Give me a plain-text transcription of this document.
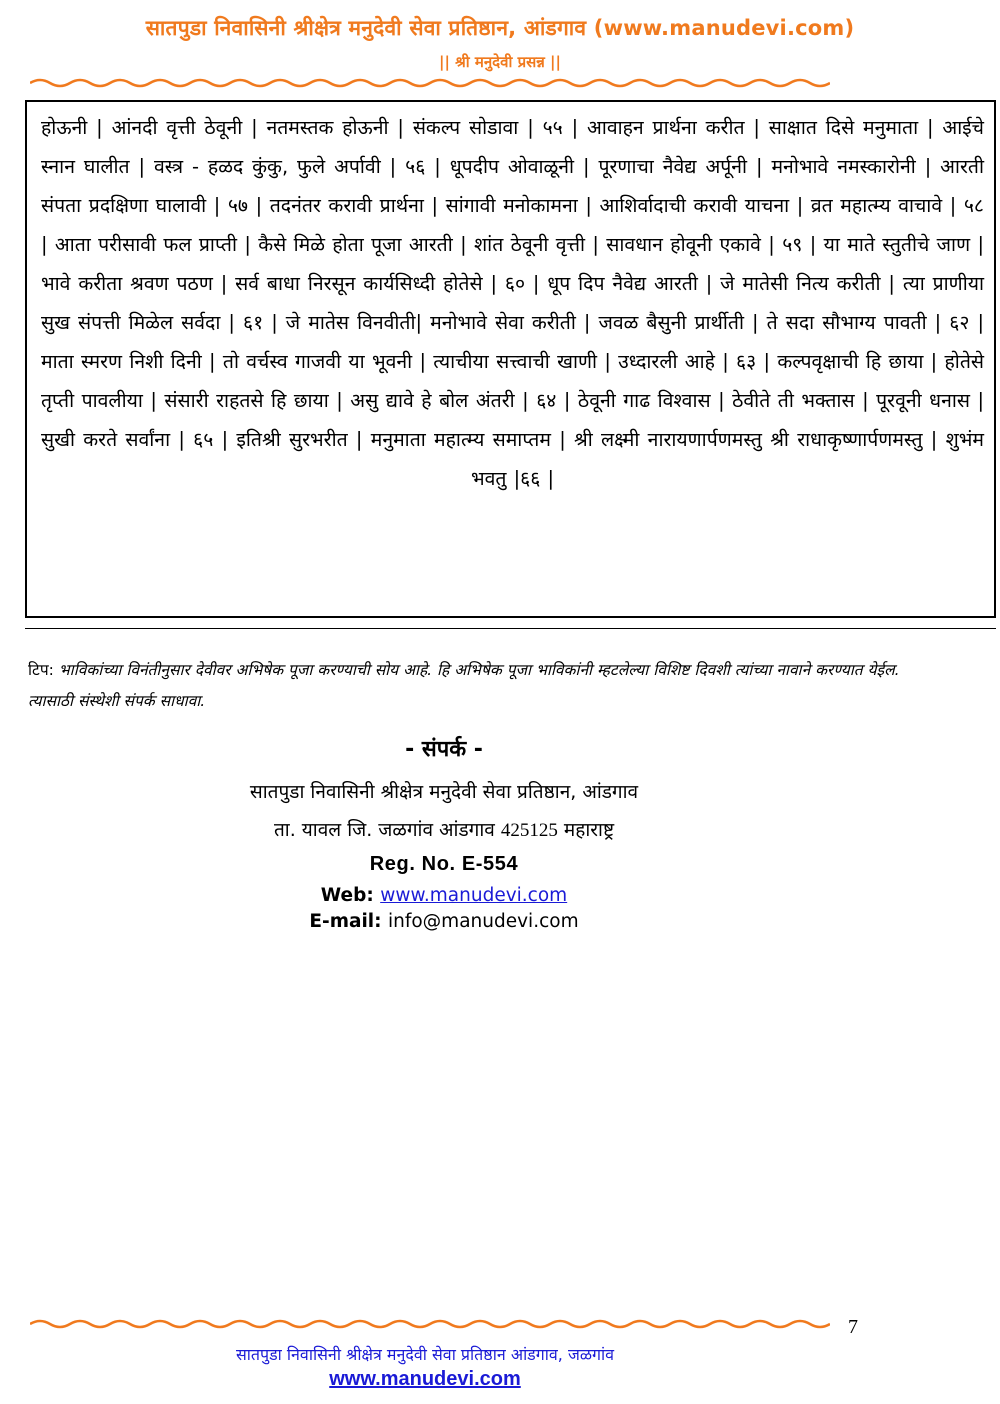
सातपुडा निवासिनी श्रीक्षेत्र मनुदेवी सेवा प्रतिष्ठान, आंडगाव (www.manudevi.com)
|| श्री मनुदेवी प्रसन्न ||

होऊनी | आंनदी वृत्ती ठेवूनी | नतमस्तक होऊनी | संकल्प सोडावा | ५५ | आवाहन प्रार्थना करीत | साक्षात दिसे मनुमाता | आईचे स्नान घालीत | वस्त्र - हळद कुंकु, फुले अर्पावी | ५६ | धूपदीप ओवाळूनी | पूरणाचा नैवेद्य अर्पूनी | मनोभावे नमस्कारोनी | आरती संपता प्रदक्षिणा घालावी | ५७ | तदनंतर करावी प्रार्थना | सांगावी मनोकामना | आशिर्वादाची करावी याचना | व्रत महात्म्य वाचावे | ५८ | आता परीसावी फल प्राप्ती | कैसे मिळे होता पूजा आरती | शांत ठेवूनी वृत्ती | सावधान होवूनी एकावे | ५९ | या माते स्तुतीचे जाण | भावे करीता श्रवण पठण | सर्व बाधा निरसून कार्यसिध्दी होतेसे | ६० | धूप दिप नैवेद्य आरती | जे मातेसी नित्य करीती | त्या प्राणीया सुख संपत्ती मिळेल सर्वदा | ६१ | जे मातेस विनवीती| मनोभावे सेवा करीती | जवळ बैसुनी प्रार्थीती | ते सदा सौभाग्य पावती | ६२ | माता स्मरण निशी दिनी | तो वर्चस्व गाजवी या भूवनी | त्याचीया सत्त्वाची खाणी | उध्दारली आहे | ६३ | कल्पवृक्षाची हि छाया | होतेसे तृप्ती पावलीया | संसारी राहतसे हि छाया | असु द्यावे हे बोल अंतरी | ६४ | ठेवूनी गाढ विश्वास | ठेवीते ती भक्तास | पूरवूनी धनास | सुखी करते सर्वांना | ६५ | इतिश्री सुरभरीत | मनुमाता महात्म्य समाप्तम | श्री लक्ष्मी नारायणार्पणमस्तु श्री राधाकृष्णार्पणमस्तु | शुभंम भवतु |६६ |

टिप: भाविकांच्या विनंतीनुसार देवीवर अभिषेक पूजा करण्याची सोय आहे. हि अभिषेक पूजा भाविकांनी म्हटलेल्या विशिष्ट दिवशी त्यांच्या नावाने करण्यात येईल. त्यासाठी संस्थेशी संपर्क साधावा.
- संपर्क -
सातपुडा निवासिनी श्रीक्षेत्र मनुदेवी सेवा प्रतिष्ठान, आंडगाव
ता. यावल जि. जळगांव आंडगाव 425125 महाराष्ट्र
Reg. No. E-554
Web: www.manudevi.com
E-mail: info@manudevi.com
7
सातपुडा निवासिनी श्रीक्षेत्र मनुदेवी सेवा प्रतिष्ठान आंडगाव, जळगांव
www.manudevi.com
